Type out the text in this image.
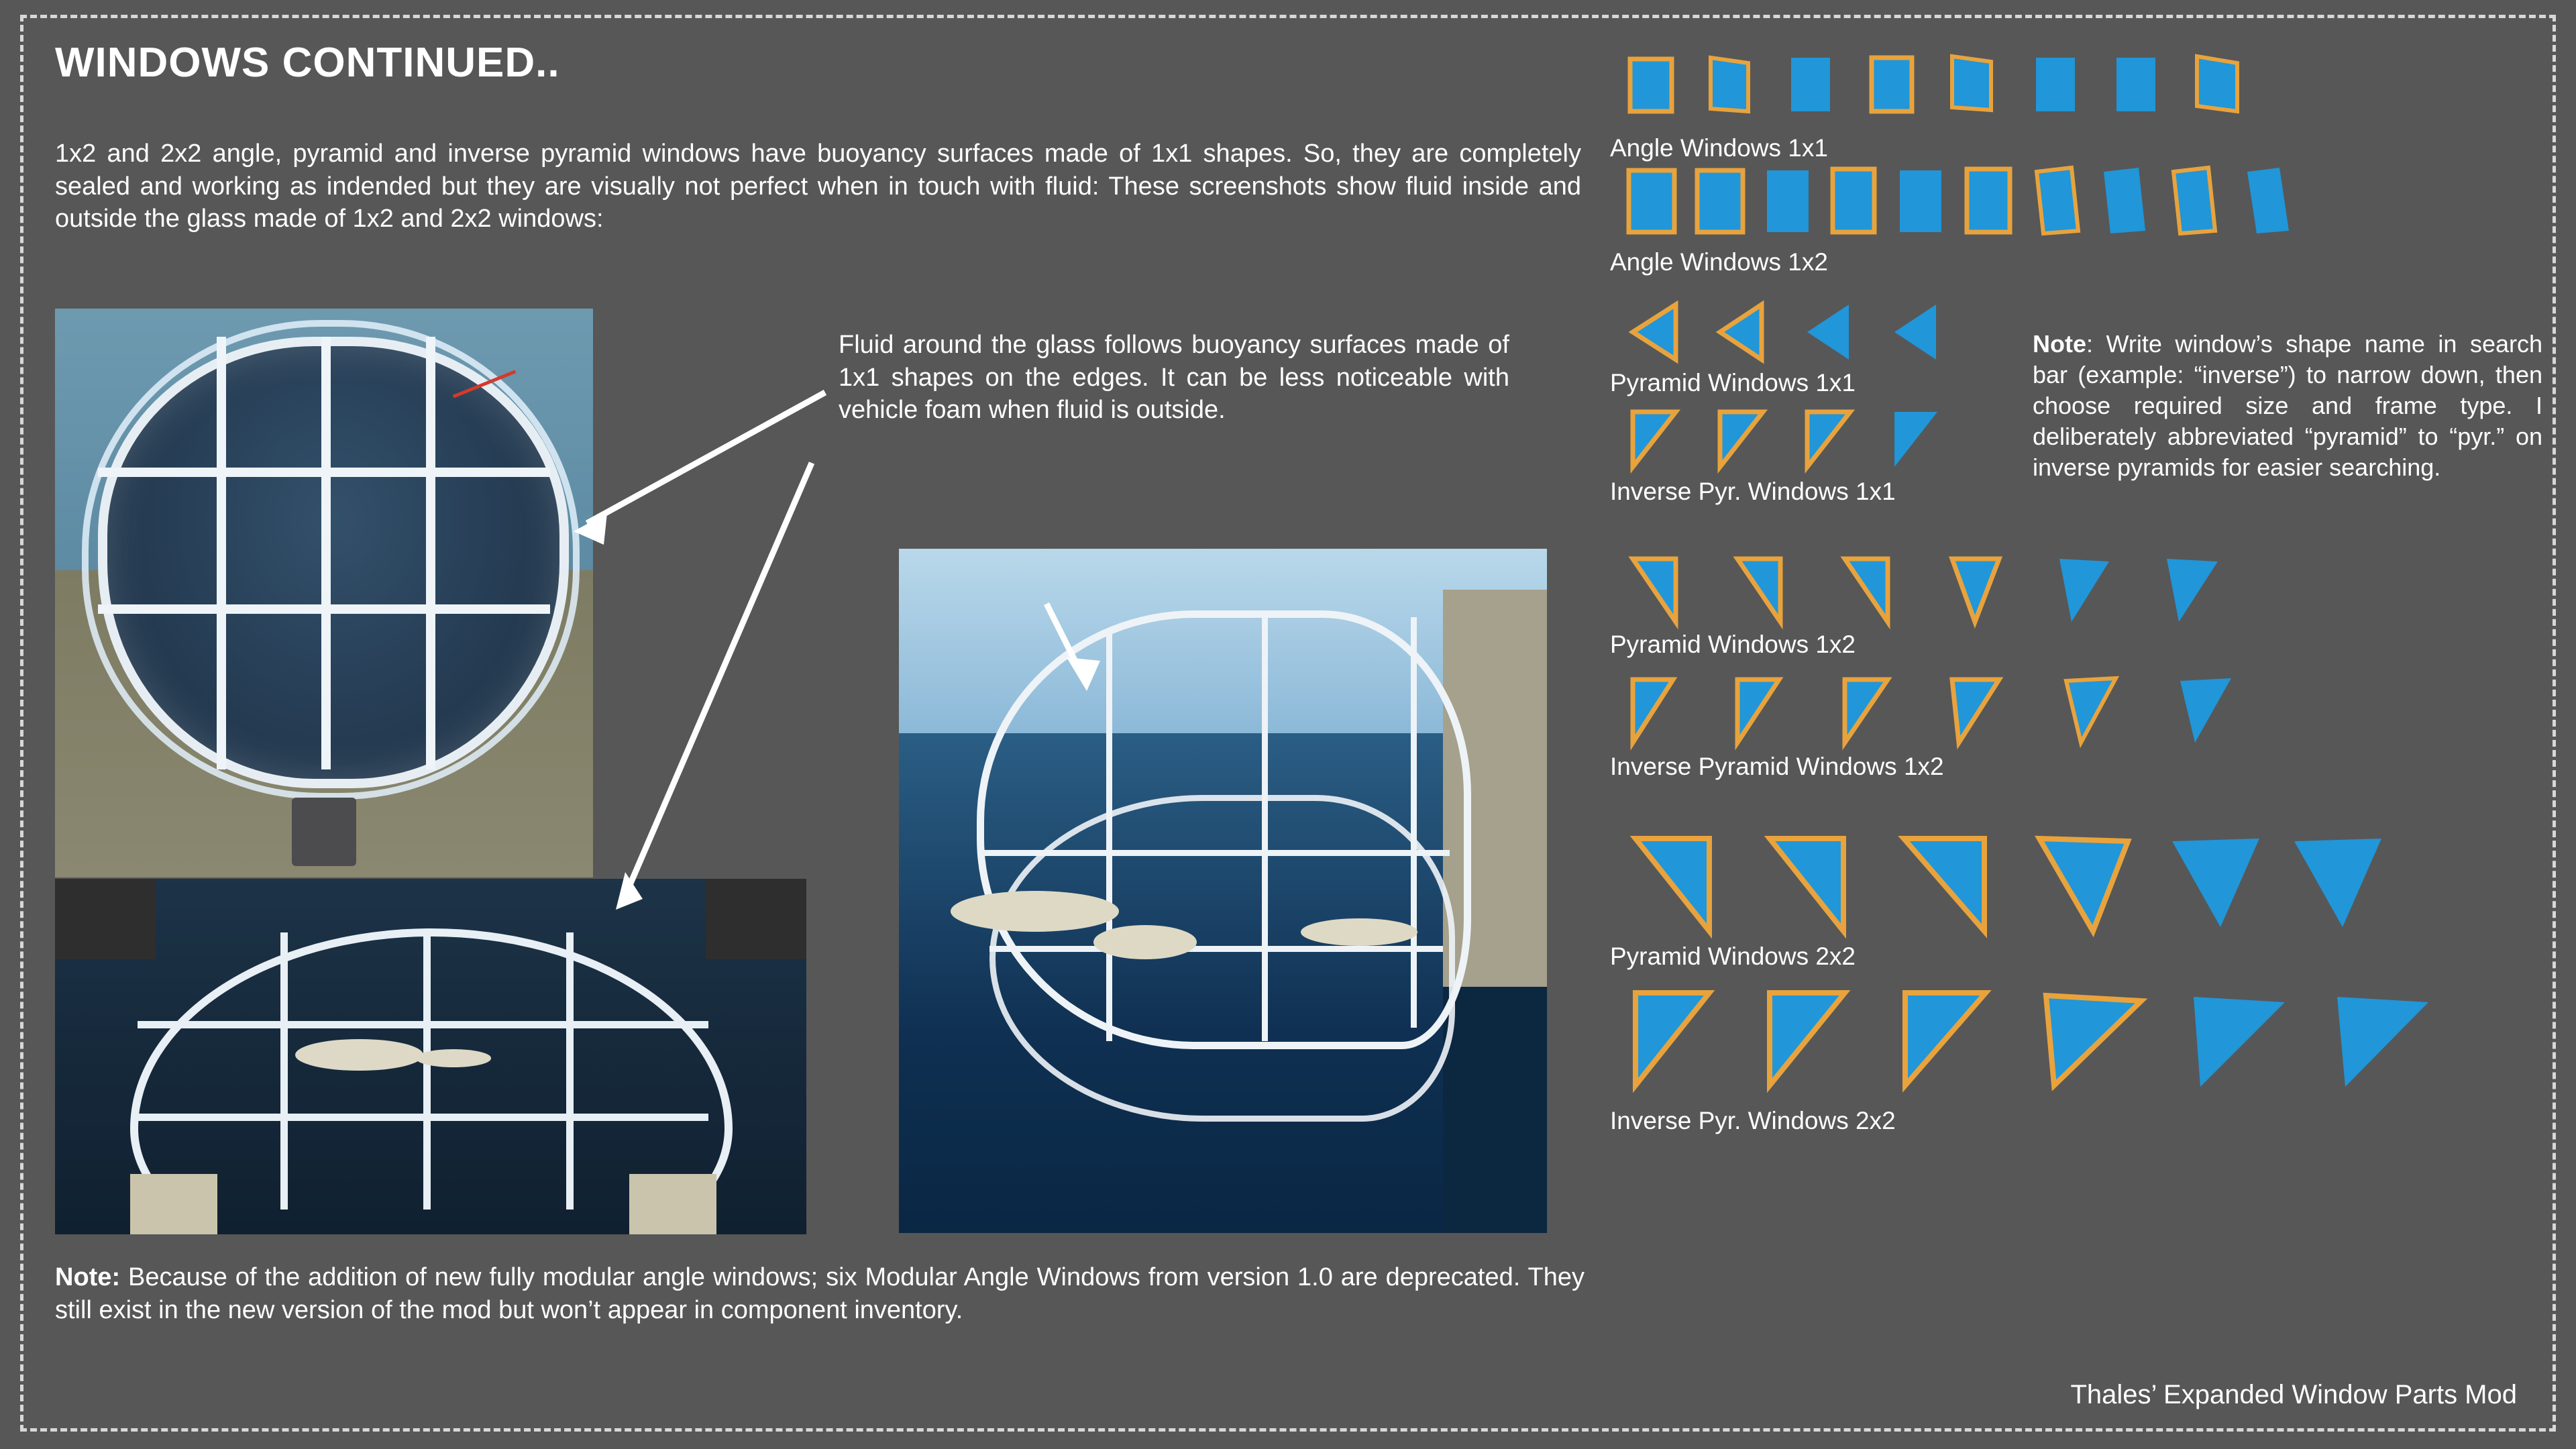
WINDOWS CONTINUED..
1x2 and 2x2 angle, pyramid and inverse pyramid windows have buoyancy surfaces made of 1x1 shapes. So, they are completely sealed and working as indended but they are visually not perfect when in touch with fluid: These screenshots show fluid inside and outside the glass made of 1x2 and 2x2 windows:
Fluid around the glass follows buoyancy surfaces made of 1x1 shapes on the edges. It can be less noticeable with vehicle foam when fluid is outside.
Note: Because of the addition of new fully modular angle windows; six Modular Angle Windows from version 1.0 are deprecated. They still exist in the new version of the mod but won’t appear in component inventory.
Angle Windows 1x1
Angle Windows 1x2
Pyramid Windows 1x1
Inverse Pyr. Windows 1x1
Pyramid Windows 1x2
Inverse Pyramid Windows 1x2
Pyramid Windows 2x2
Inverse Pyr. Windows 2x2
Note: Write window’s shape name in search bar (example: “inverse”) to narrow down, then choose required size and frame type. I deliberately abbreviated “pyramid” to “pyr.” on inverse pyramids for easier searching.
Thales’ Expanded Window Parts Mod
